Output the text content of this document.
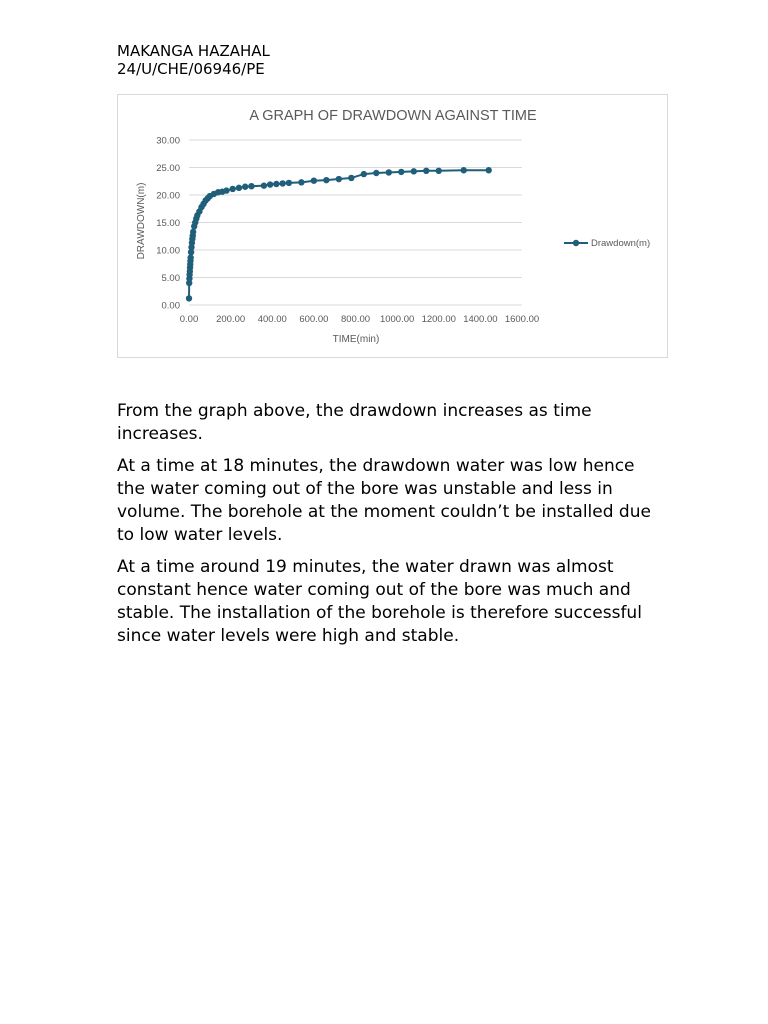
MAKANGA HAZAHAL
24/U/CHE/06946/PE
A GRAPH OF DRAWDOWN AGAINST TIME
0.00
5.00
10.00
15.00
20.00
25.00
30.00
0.00 200.00 400.00 600.00 800.00 1000.00 1200.00 1400.00 1600.00
TIME(min)
DRAWDOWN(m)	Drawdown(m)

From the graph above, the drawdown increases as time increases.

At a time at 18 minutes, the drawdown water was low hence the water coming out of the bore was unstable and less in volume. The borehole at the moment couldn’t be installed due to low water levels.

At a time around 19 minutes, the water drawn was almost constant hence water coming out of the bore was much and stable. The installation of the borehole is therefore successful since water levels were high and stable.
